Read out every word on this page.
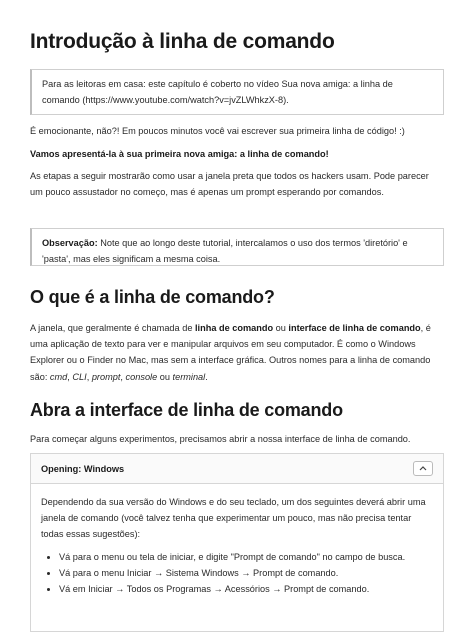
Introdução à linha de comando

Para as leitoras em casa: este capítulo é coberto no vídeo Sua nova amiga: a linha de comando (https://www.youtube.com/watch?v=jvZLWhkzX-8).

É emocionante, não?! Em poucos minutos você vai escrever sua primeira linha de código! :)

Vamos apresentá-la à sua primeira nova amiga: a linha de comando!

As etapas a seguir mostrarão como usar a janela preta que todos os hackers usam. Pode parecer um pouco assustador no começo, mas é apenas um prompt esperando por comandos.

Observação: Note que ao longo deste tutorial, intercalamos o uso dos termos 'diretório' e 'pasta', mas eles significam a mesma coisa.

O que é a linha de comando?

A janela, que geralmente é chamada de linha de comando ou interface de linha de comando, é uma aplicação de texto para ver e manipular arquivos em seu computador. É como o Windows Explorer ou o Finder no Mac, mas sem a interface gráfica. Outros nomes para a linha de comando são: cmd, CLI, prompt, console ou terminal.

Abra a interface de linha de comando

Para começar alguns experimentos, precisamos abrir a nossa interface de linha de comando.

Opening: Windows

Dependendo da sua versão do Windows e do seu teclado, um dos seguintes deverá abrir uma janela de comando (você talvez tenha que experimentar um pouco, mas não precisa tentar todas essas sugestões):

• Vá para o menu ou tela de iniciar, e digite "Prompt de comando" no campo de busca.
• Vá para o menu Iniciar → Sistema Windows → Prompt de comando.
• Vá em Iniciar → Todos os Programas → Acessórios → Prompt de comando.
